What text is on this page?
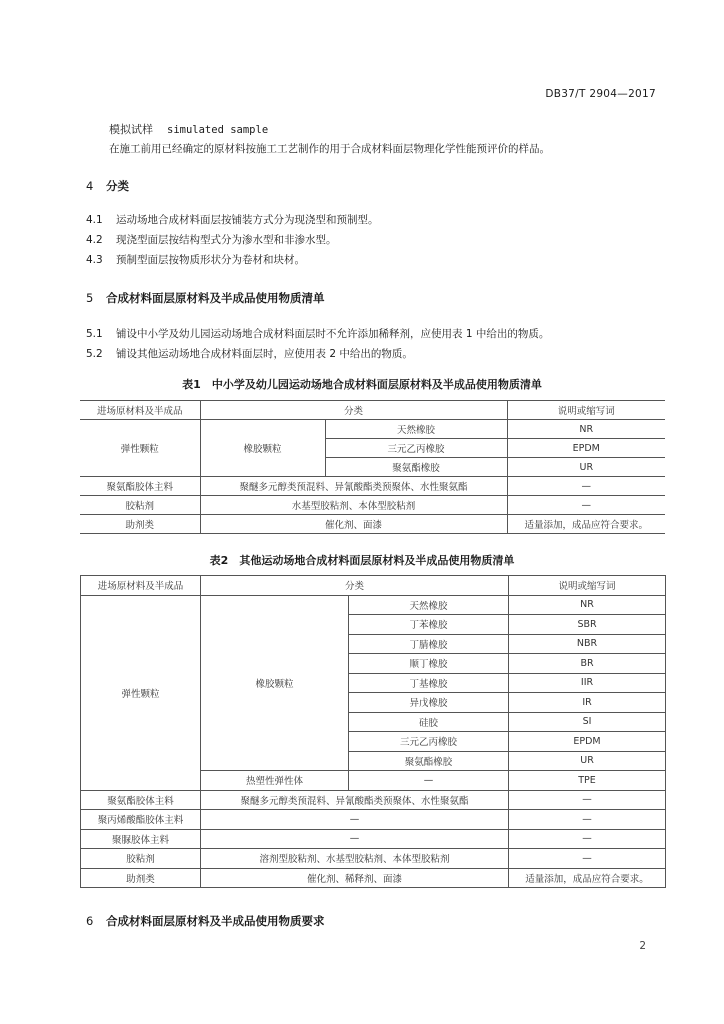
DB37/T 2904—2017
模拟试样 simulated sample
在施工前用已经确定的原材料按施工工艺制作的用于合成材料面层物理化学性能预评价的样品。
4 分类
4.1 运动场地合成材料面层按铺装方式分为现浇型和预制型。
4.2 现浇型面层按结构型式分为渗水型和非渗水型。
4.3 预制型面层按物质形状分为卷材和块材。
5 合成材料面层原材料及半成品使用物质清单
5.1 铺设中小学及幼儿园运动场地合成材料面层时不允许添加稀释剂，应使用表 1 中给出的物质。
5.2 铺设其他运动场地合成材料面层时，应使用表 2 中给出的物质。
表1　中小学及幼儿园运动场地合成材料面层原材料及半成品使用物质清单
进场原材料及半成品	分类		说明或缩写词
弹性颗粒	橡胶颗粒	天然橡胶	NR
		三元乙丙橡胶	EPDM
		聚氨酯橡胶	UR
聚氨酯胶体主料	聚醚多元醇类预混料、异氰酸酯类预聚体、水性聚氨酯		—
胶粘剂	水基型胶粘剂、本体型胶粘剂		—
助剂类	催化剂、面漆		适量添加，成品应符合要求。
表2　其他运动场地合成材料面层原材料及半成品使用物质清单
进场原材料及半成品	分类		说明或缩写词
弹性颗粒	橡胶颗粒	天然橡胶	NR
		丁苯橡胶	SBR
		丁腈橡胶	NBR
		顺丁橡胶	BR
		丁基橡胶	IIR
		异戊橡胶	IR
		硅胶	SI
		三元乙丙橡胶	EPDM
		聚氨酯橡胶	UR
	热塑性弹性体	—	TPE
聚氨酯胶体主料	聚醚多元醇类预混料、异氰酸酯类预聚体、水性聚氨酯		—
聚丙烯酸酯胶体主料	—		—
聚脲胶体主料	—		—
胶粘剂	溶剂型胶粘剂、水基型胶粘剂、本体型胶粘剂		—
助剂类	催化剂、稀释剂、面漆		适量添加，成品应符合要求。
6 合成材料面层原材料及半成品使用物质要求
2
